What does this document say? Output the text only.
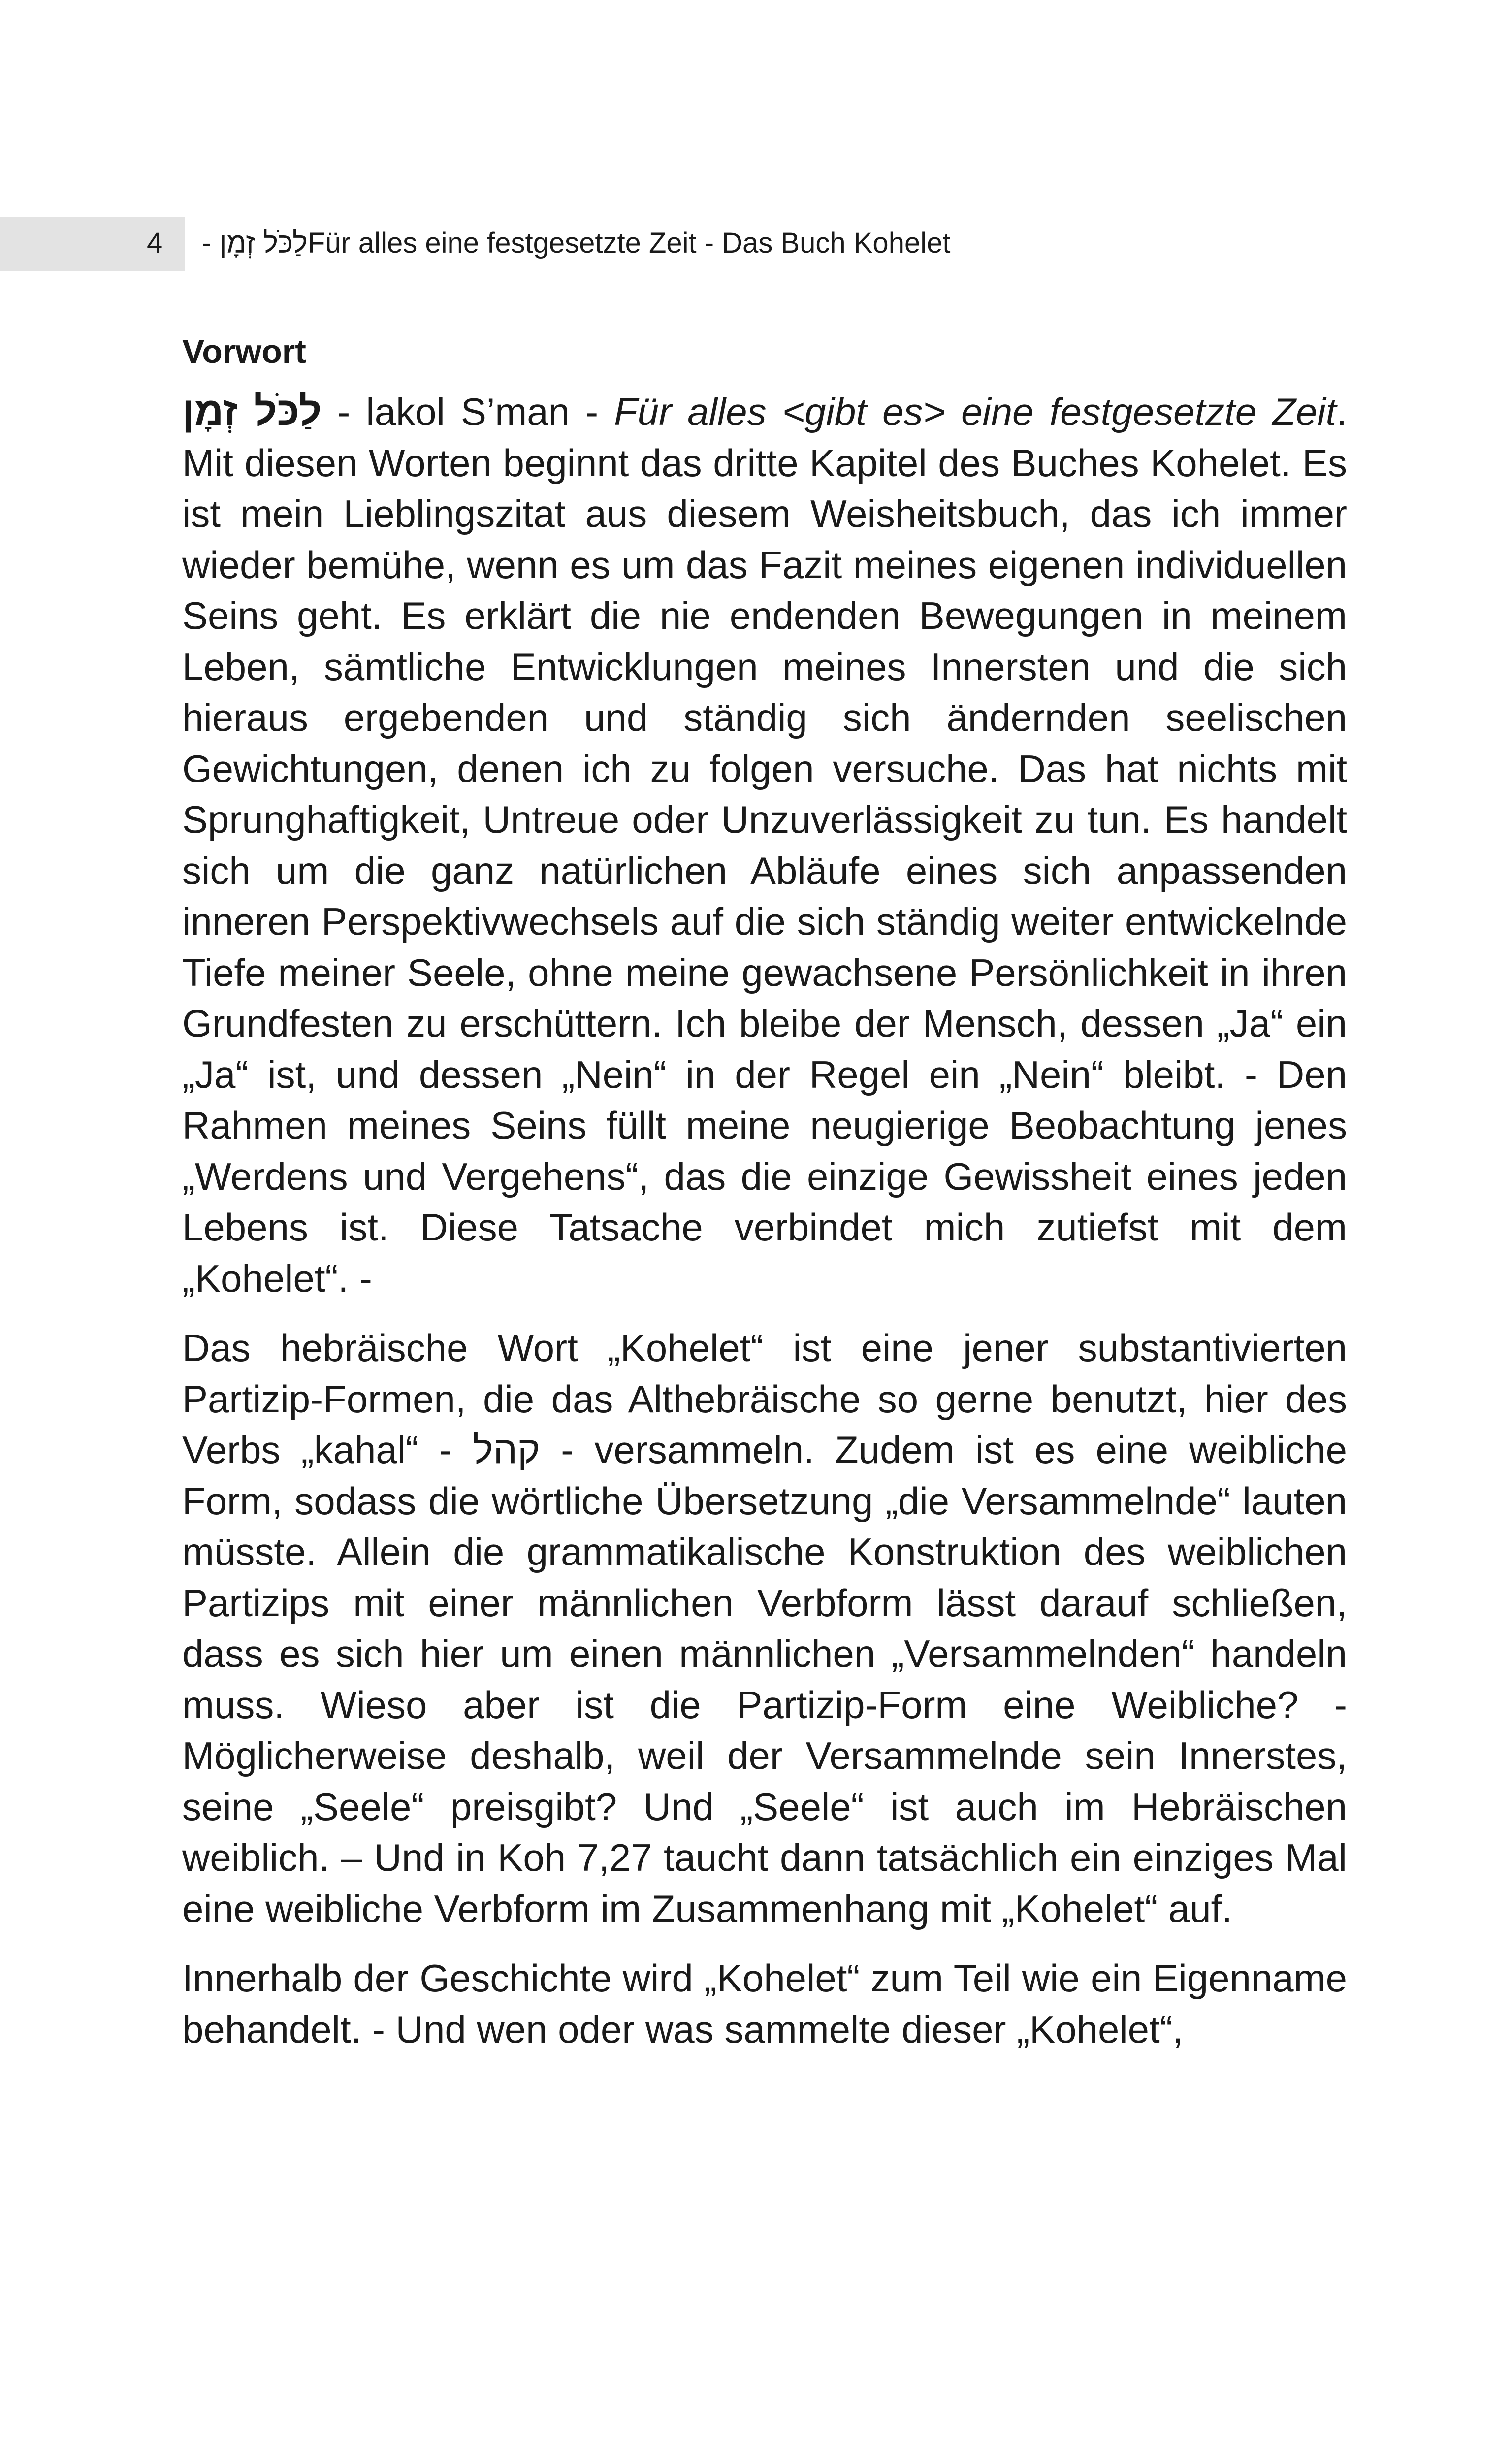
4 - לַכֹּל זְמָןFür alles eine festgesetzte Zeit - Das Buch Kohelet
Vorwort

לַכֹּל זְמָן - lakol S’man - Für alles <gibt es> eine festgesetzte Zeit. Mit diesen Worten beginnt das dritte Kapitel des Buches Kohelet. Es ist mein Lieblingszitat aus diesem Weisheitsbuch, das ich immer wieder bemühe, wenn es um das Fazit meines eigenen individuellen Seins geht. Es erklärt die nie endenden Bewegungen in meinem Leben, sämtliche Entwicklungen meines Innersten und die sich hieraus ergebenden und ständig sich ändernden seelischen Gewichtungen, denen ich zu folgen versuche. Das hat nichts mit Sprunghaftigkeit, Untreue oder Unzuverlässigkeit zu tun. Es handelt sich um die ganz natürlichen Abläufe eines sich anpassenden inneren Perspektivwechsels auf die sich ständig weiter entwickelnde Tiefe meiner Seele, ohne meine gewachsene Persönlichkeit in ihren Grundfesten zu erschüttern. Ich bleibe der Mensch, dessen „Ja“ ein „Ja“ ist, und dessen „Nein“ in der Regel ein „Nein“ bleibt. - Den Rahmen meines Seins füllt meine neugierige Beobachtung jenes „Werdens und Vergehens“, das die einzige Gewissheit eines jeden Lebens ist. Diese Tatsache verbindet mich zutiefst mit dem „Kohelet“. -

Das hebräische Wort „Kohelet“ ist eine jener substantivierten Partizip-Formen, die das Althebräische so gerne benutzt, hier des Verbs „kahal“ - קהל - versammeln. Zudem ist es eine weibliche Form, sodass die wörtliche Übersetzung „die Versammelnde“ lauten müsste. Allein die grammatikalische Konstruktion des weiblichen Partizips mit einer männlichen Verbform lässt darauf schließen, dass es sich hier um einen männlichen „Versammelnden“ handeln muss. Wieso aber ist die Partizip-Form eine Weibliche? - Möglicherweise deshalb, weil der Versammelnde sein Innerstes, seine „Seele“ preisgibt? Und „Seele“ ist auch im Hebräischen weiblich. – Und in Koh 7,27 taucht dann tatsächlich ein einziges Mal eine weibliche Verbform im Zusammenhang mit „Kohelet“ auf.

Innerhalb der Geschichte wird „Kohelet“ zum Teil wie ein Eigenname behandelt. - Und wen oder was sammelte dieser „Kohelet“,
